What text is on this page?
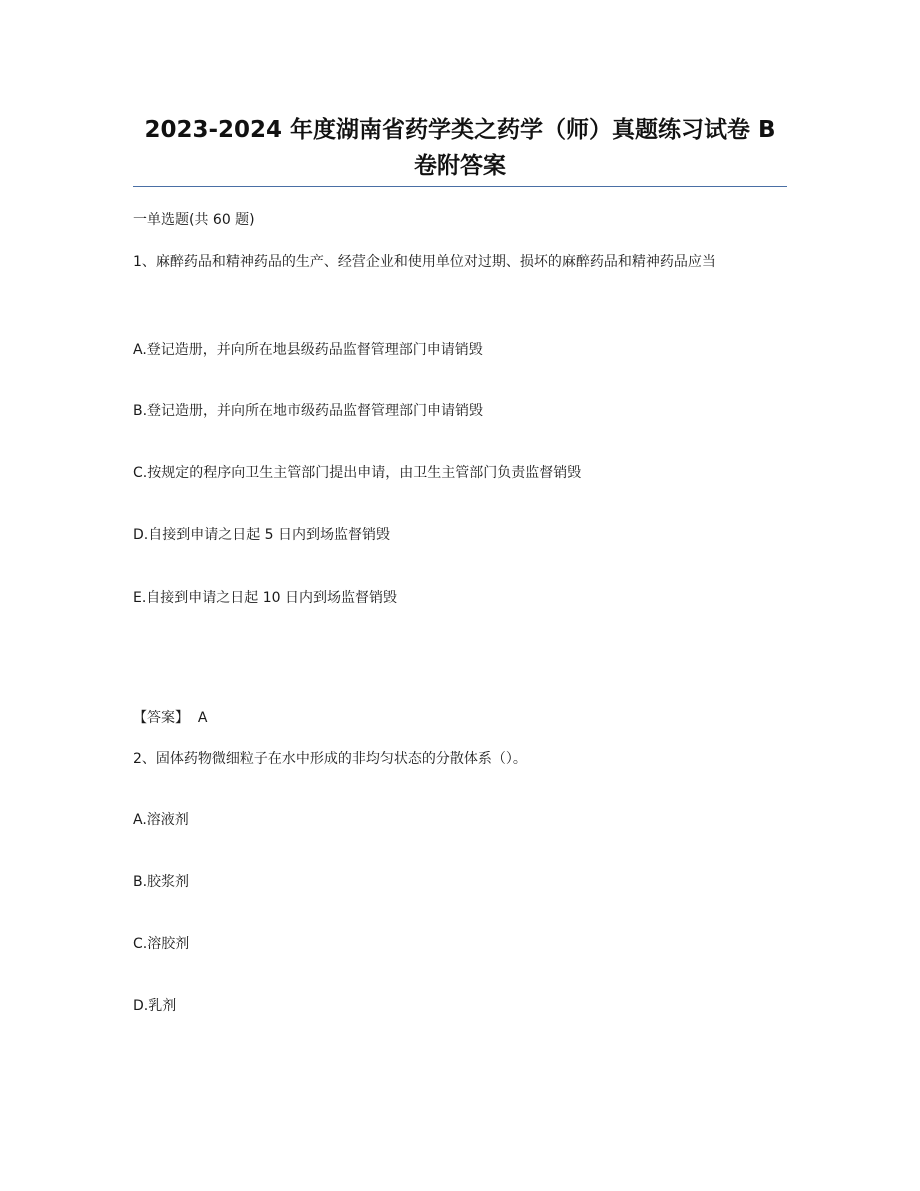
2023-2024 年度湖南省药学类之药学（师）真题练习试卷 B
卷附答案
一单选题(共 60 题)
1、麻醉药品和精神药品的生产、经营企业和使用单位对过期、损坏的麻醉药品和精神药品应当
A.登记造册，并向所在地县级药品监督管理部门申请销毁
B.登记造册，并向所在地市级药品监督管理部门申请销毁
C.按规定的程序向卫生主管部门提出申请，由卫生主管部门负责监督销毁
D.自接到申请之日起 5 日内到场监督销毁
E.自接到申请之日起 10 日内到场监督销毁
【答案】  A
2、固体药物微细粒子在水中形成的非均匀状态的分散体系（）。
A.溶液剂
B.胶浆剂
C.溶胶剂
D.乳剂
